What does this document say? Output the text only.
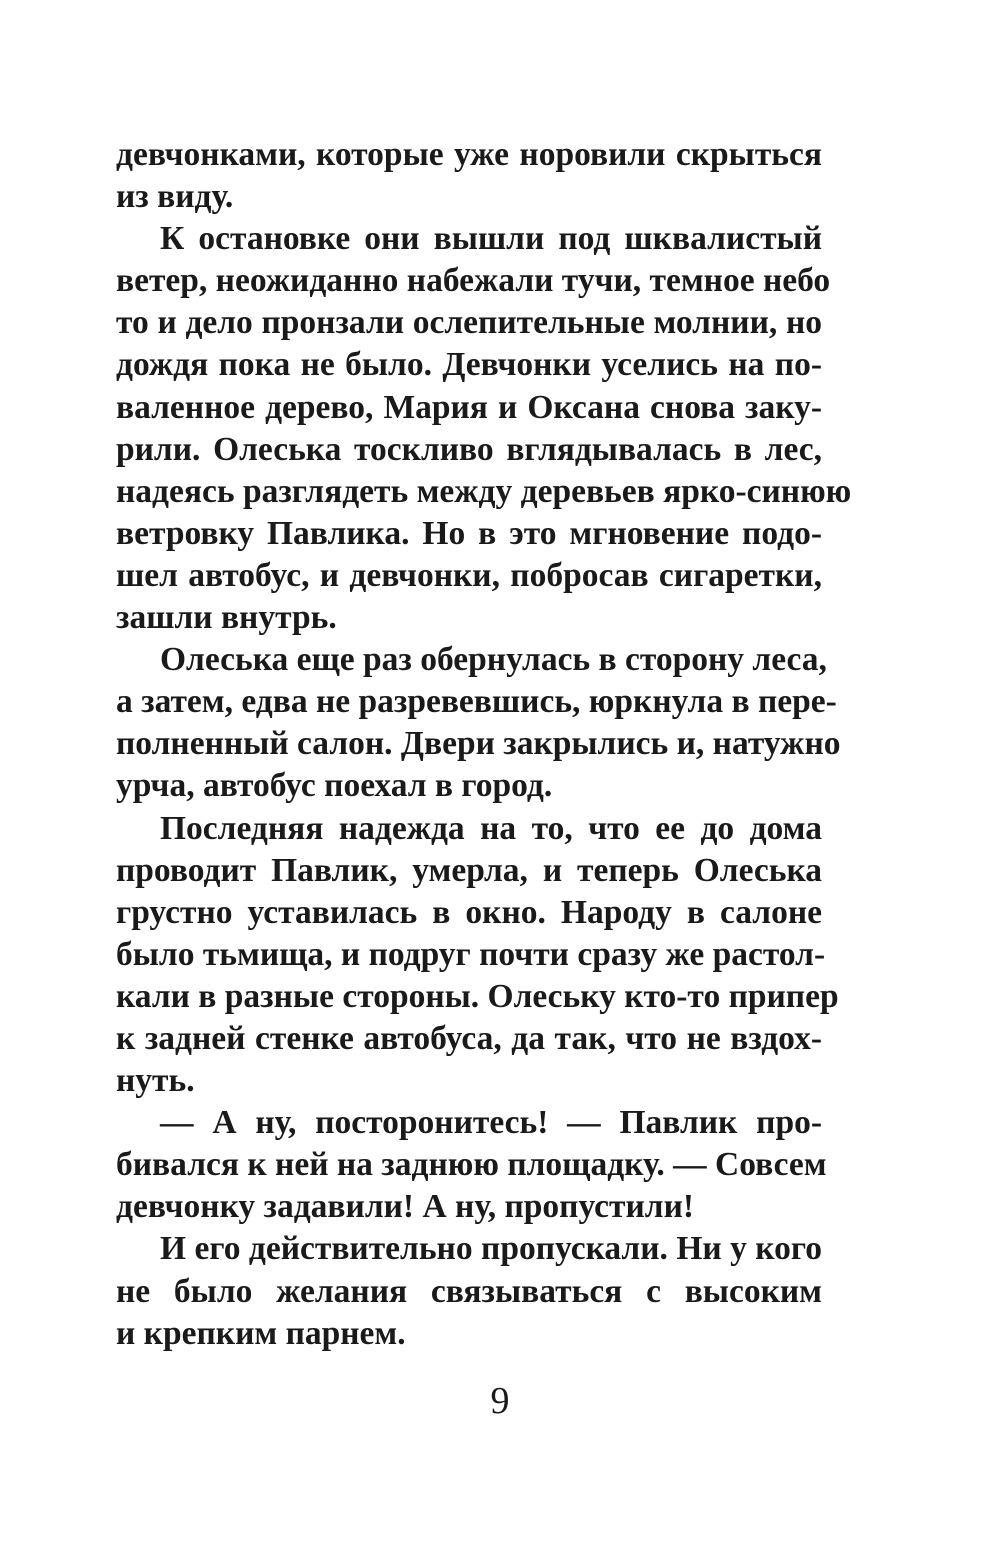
девчонками, которые уже норовили скрыться
из виду.

К остановке они вышли под шквалистый
ветер, неожиданно набежали тучи, темное небо
то и дело пронзали ослепительные молнии, но
дождя пока не было. Девчонки уселись на по-
валенное дерево, Мария и Оксана снова заку-
рили. Олеська тоскливо вглядывалась в лес,
надеясь разглядеть между деревьев ярко-синюю
ветровку Павлика. Но в это мгновение подо-
шел автобус, и девчонки, побросав сигаретки,
зашли внутрь.

Олеська еще раз обернулась в сторону леса,
а затем, едва не разревевшись, юркнула в пере-
полненный салон. Двери закрылись и, натужно
урча, автобус поехал в город.

Последняя надежда на то, что ее до дома
проводит Павлик, умерла, и теперь Олеська
грустно уставилась в окно. Народу в салоне
было тьмища, и подруг почти сразу же растол-
кали в разные стороны. Олеську кто-то припер
к задней стенке автобуса, да так, что не вздох-
нуть.

— А ну, посторонитесь! — Павлик про-
бивался к ней на заднюю площадку. — Совсем
девчонку задавили! А ну, пропустили!

И его действительно пропускали. Ни у кого
не было желания связываться с высоким
и крепким парнем.

9
